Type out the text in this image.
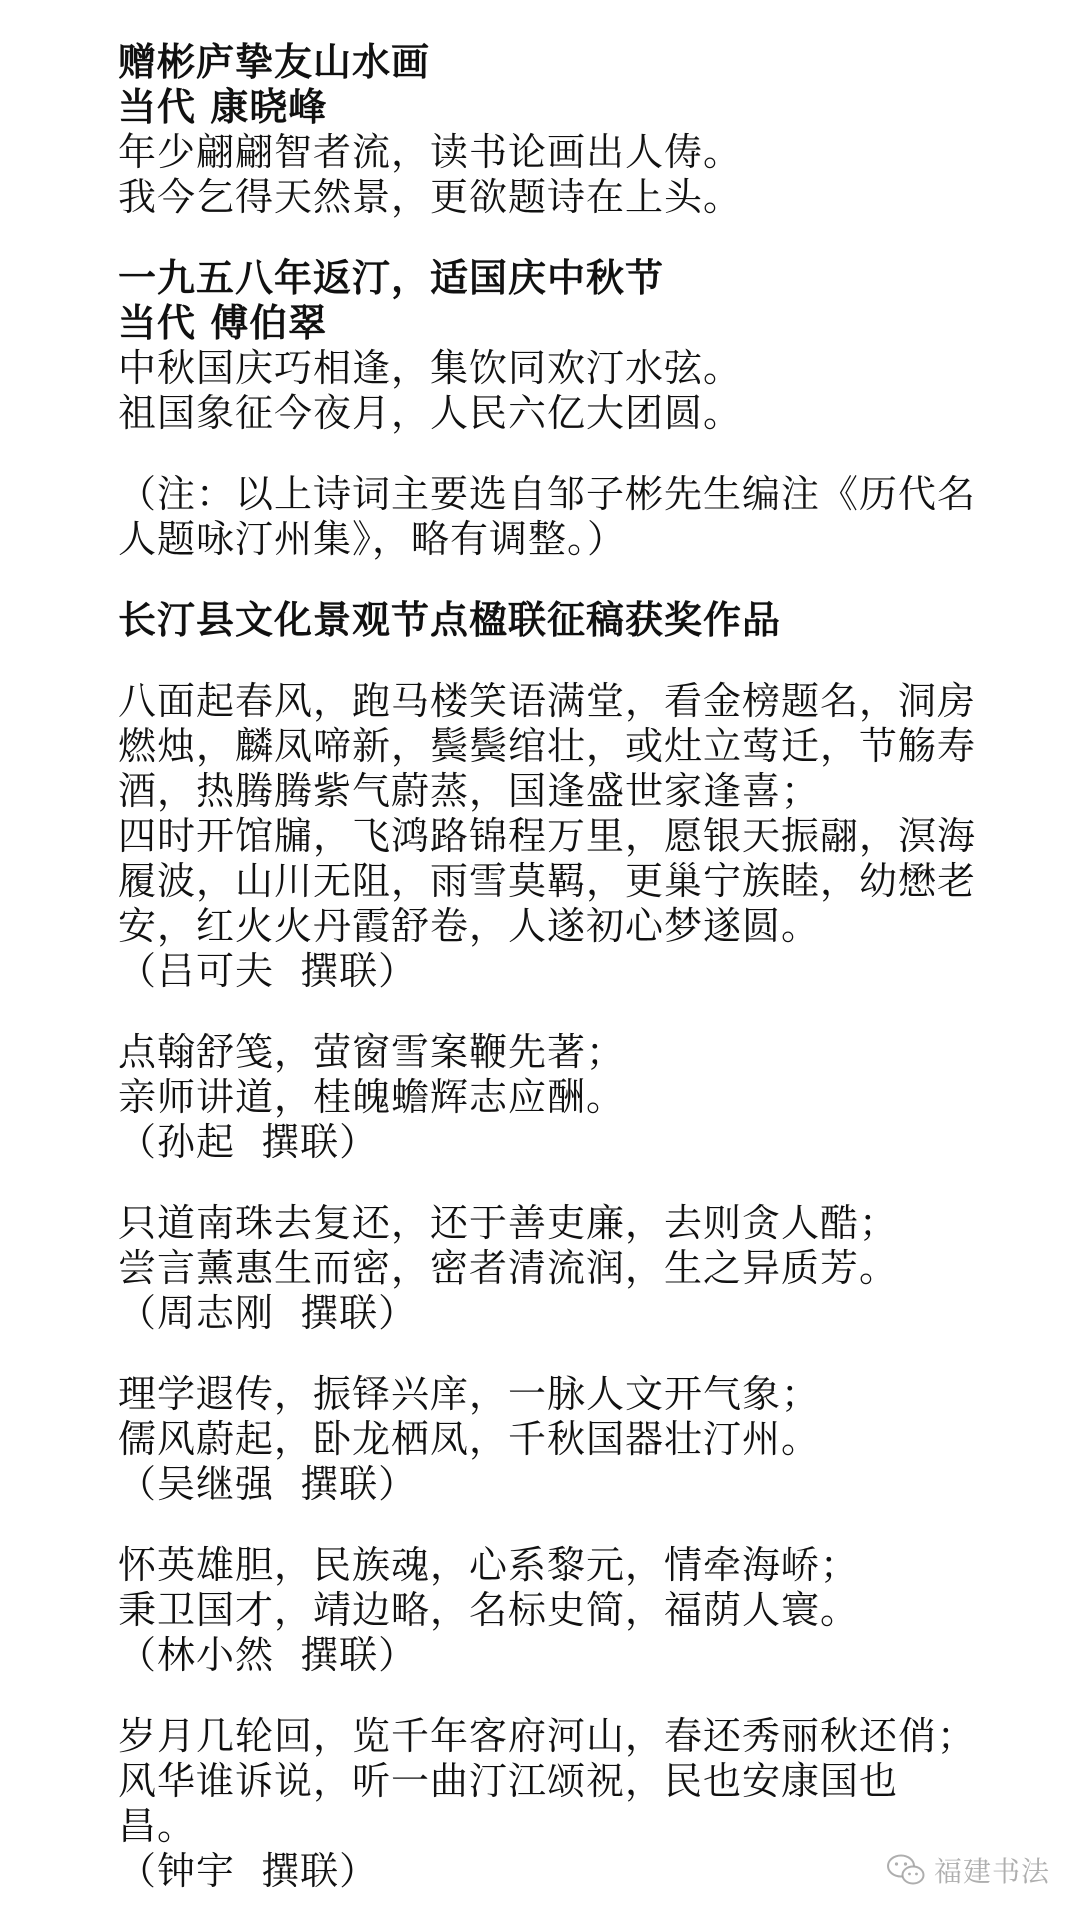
赠彬庐挚友山水画
当代 康晓峰
年少翩翩智者流，读书论画出人俦。
我今乞得天然景，更欲题诗在上头。
一九五八年返汀，适国庆中秋节
当代 傅伯翠
中秋国庆巧相逢，集饮同欢汀水弦。
祖国象征今夜月，人民六亿大团圆。
（注：以上诗词主要选自邹子彬先生编注《历代名
人题咏汀州集》，略有调整。）
长汀县文化景观节点楹联征稿获奖作品
八面起春风，跑马楼笑语满堂，看金榜题名，洞房
燃烛，麟凤啼新，鬓鬓绾壮，或灶立莺迁，节觞寿
酒，热腾腾紫气蔚蒸，国逢盛世家逢喜；
四时开馆牖，飞鸿路锦程万里，愿银天振翮，溟海
履波，山川无阻，雨雪莫羁，更巢宁族睦，幼懋老
安，红火火丹霞舒卷，人遂初心梦遂圆。
（吕可夫  撰联）
点翰舒笺，萤窗雪案鞭先著；
亲师讲道，桂魄蟾辉志应酬。
（孙起  撰联）
只道南珠去复还，还于善吏廉，去则贪人酷；
尝言薰惠生而密，密者清流润，生之异质芳。
（周志刚  撰联）
理学遐传，振铎兴庠，一脉人文开气象；
儒风蔚起，卧龙栖凤，千秋国器壮汀州。
（吴继强  撰联）
怀英雄胆，民族魂，心系黎元，情牵海峤；
秉卫国才，靖边略，名标史简，福荫人寰。
（林小然  撰联）
岁月几轮回，览千年客府河山，春还秀丽秋还俏；
风华谁诉说，听一曲汀江颂祝，民也安康国也
昌。
（钟宇  撰联）	福建书法
